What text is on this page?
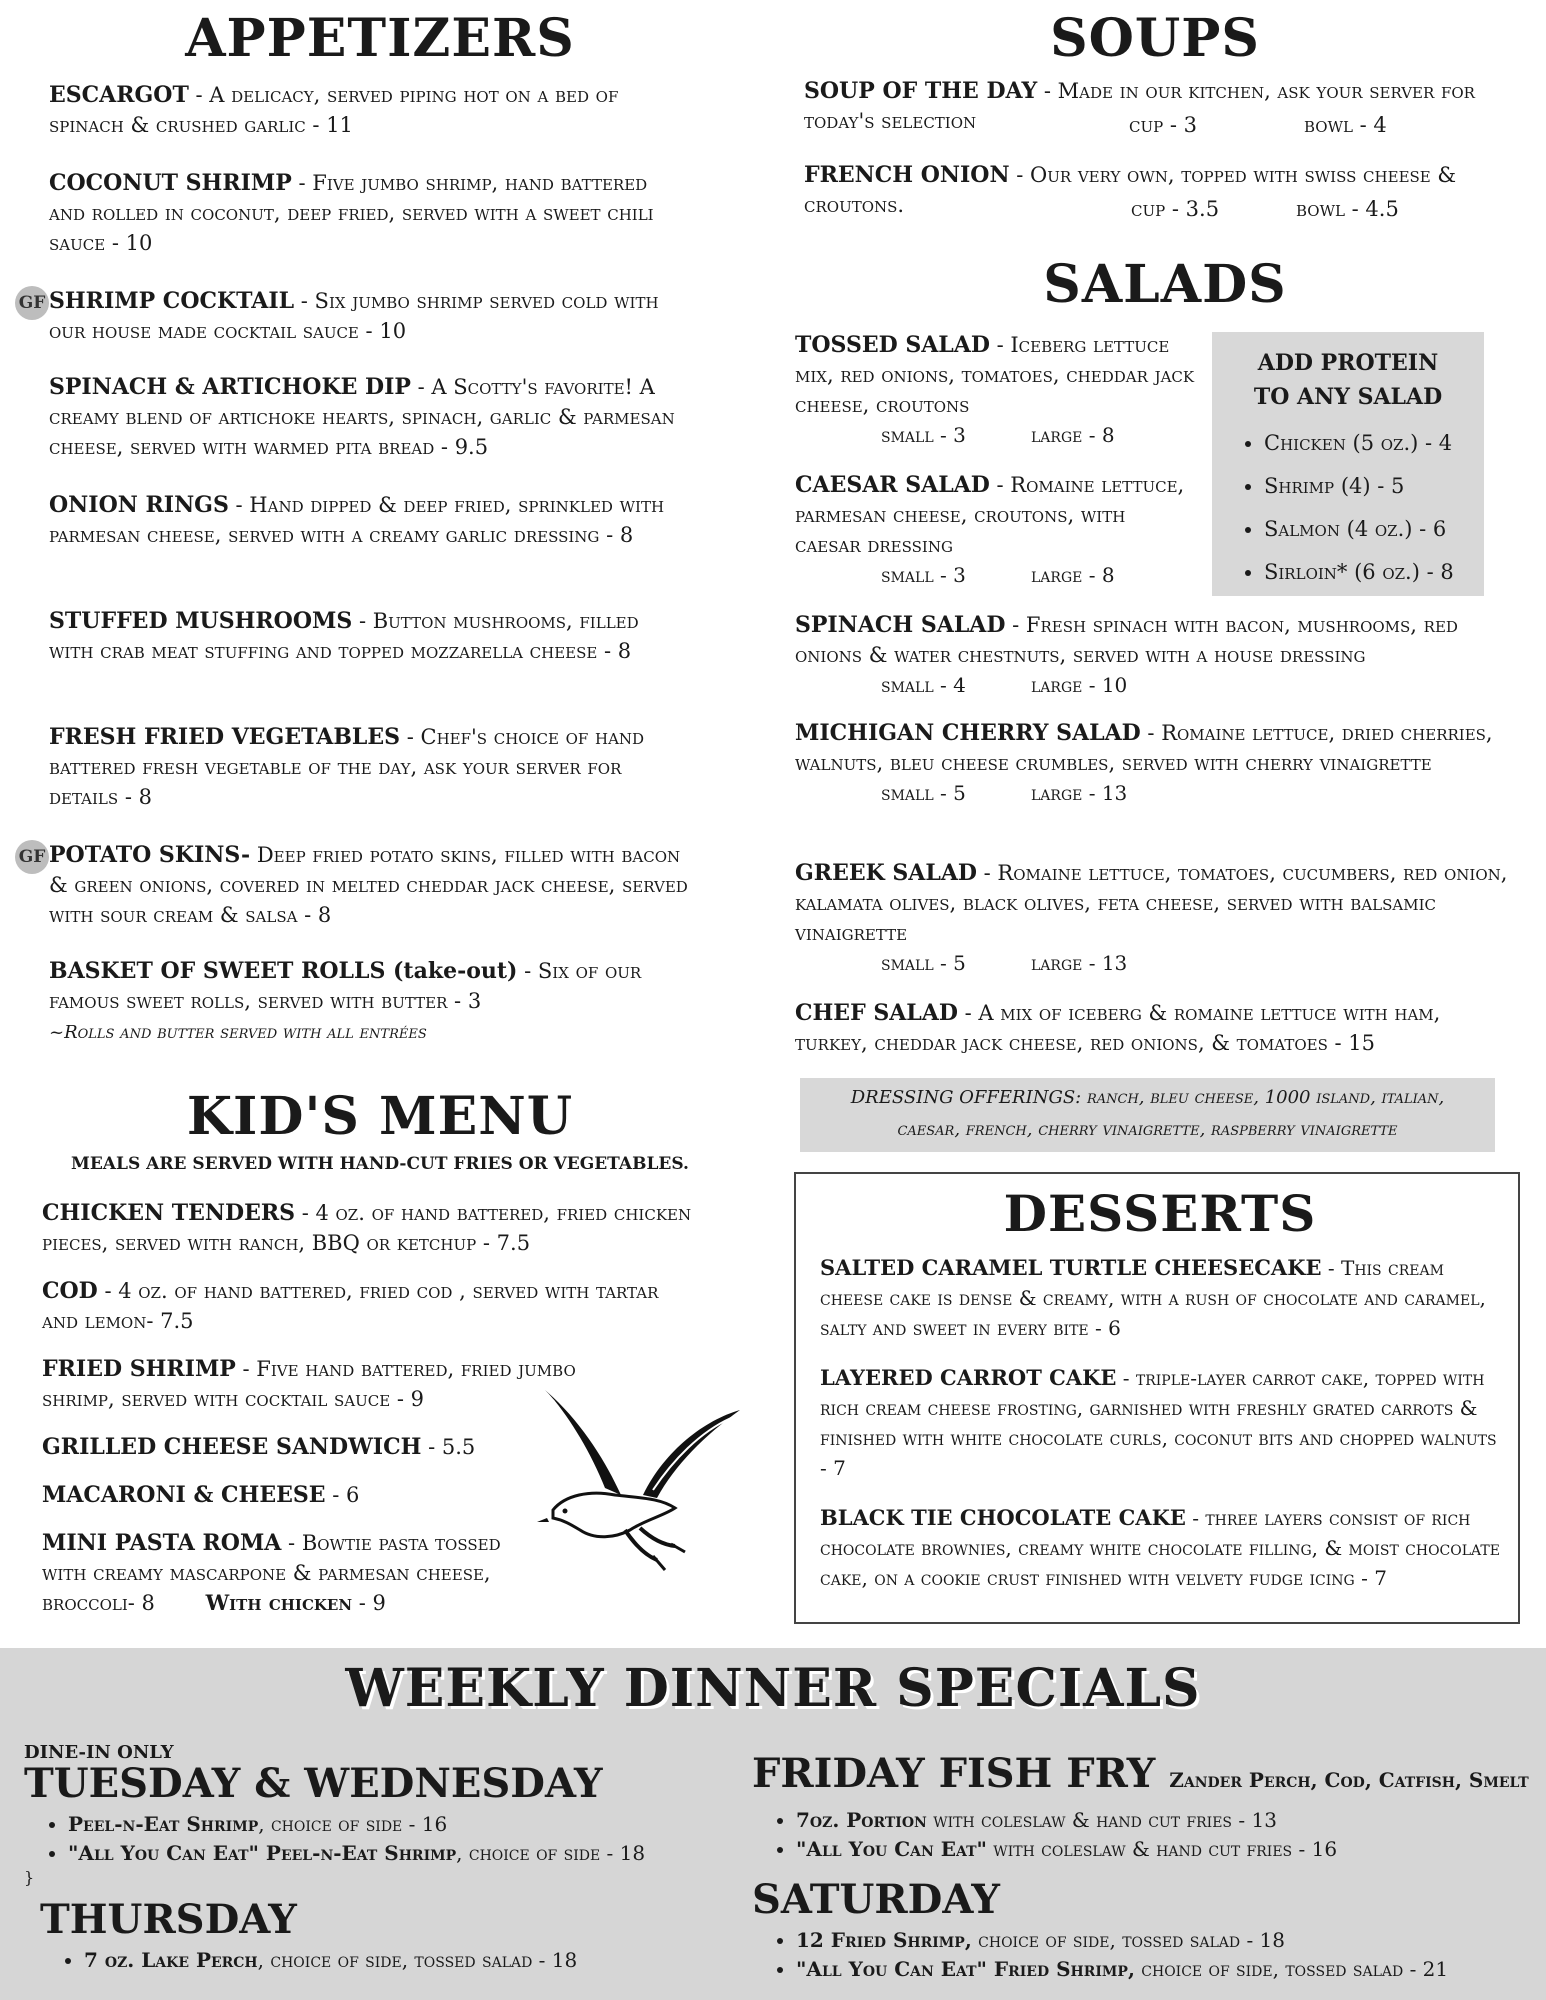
APPETIZERS
ESCARGOT - A delicacy, served piping hot on a bed of spinach & crushed garlic - 11
COCONUT SHRIMP - Five jumbo shrimp, hand battered and rolled in coconut, deep fried, served with a sweet chili sauce - 10
GF SHRIMP COCKTAIL - Six jumbo shrimp served cold with our house made cocktail sauce - 10
SPINACH & ARTICHOKE DIP - A Scotty's favorite! A creamy blend of artichoke hearts, spinach, garlic & parmesan cheese, served with warmed pita bread - 9.5
ONION RINGS - Hand dipped & deep fried, sprinkled with parmesan cheese, served with a creamy garlic dressing - 8
STUFFED MUSHROOMS - Button mushrooms, filled with crab meat stuffing and topped mozzarella cheese - 8
FRESH FRIED VEGETABLES - Chef's choice of hand battered fresh vegetable of the day, ask your server for details - 8
GF POTATO SKINS- Deep fried potato skins, filled with bacon & green onions, covered in melted cheddar jack cheese, served with sour cream & salsa - 8
BASKET OF SWEET ROLLS (take-out) - Six of our famous sweet rolls, served with butter - 3
~Rolls and butter served with all entrées
KID'S MENU
MEALS ARE SERVED WITH HAND-CUT FRIES OR VEGETABLES.
CHICKEN TENDERS - 4 oz. of hand battered, fried chicken pieces, served with ranch, BBQ or ketchup - 7.5
COD - 4 oz. of hand battered, fried cod , served with tartar and lemon- 7.5
FRIED SHRIMP - Five hand battered, fried jumbo shrimp, served with cocktail sauce - 9
GRILLED CHEESE SANDWICH - 5.5
MACARONI & CHEESE - 6
MINI PASTA ROMA - Bowtie pasta tossed with creamy mascarpone & parmesan cheese, broccoli- 8 With chicken - 9
SOUPS
SOUP OF THE DAY - Made in our kitchen, ask your server for today's selection	cup - 3	bowl - 4
FRENCH ONION - Our very own, topped with swiss cheese & croutons.	cup - 3.5	bowl - 4.5
SALADS
TOSSED SALAD - Iceberg lettuce mix, red onions, tomatoes, cheddar jack cheese, croutons
small - 3	large - 8
CAESAR SALAD - Romaine lettuce, parmesan cheese, croutons, with caesar dressing
small - 3	large - 8
ADD PROTEIN
TO ANY SALAD
• Chicken (5 oz.) - 4
• Shrimp (4) - 5
• Salmon (4 oz.) - 6
• Sirloin* (6 oz.) - 8
SPINACH SALAD - Fresh spinach with bacon, mushrooms, red onions & water chestnuts, served with a house dressing
small - 4	large - 10
MICHIGAN CHERRY SALAD - Romaine lettuce, dried cherries, walnuts, bleu cheese crumbles, served with cherry vinaigrette
small - 5	large - 13
GREEK SALAD - Romaine lettuce, tomatoes, cucumbers, red onion, kalamata olives, black olives, feta cheese, served with balsamic vinaigrette
small - 5	large - 13
CHEF SALAD - A mix of iceberg & romaine lettuce with ham, turkey, cheddar jack cheese, red onions, & tomatoes - 15
DRESSING OFFERINGS: ranch, bleu cheese, 1000 island, italian,
caesar, french, cherry vinaigrette, raspberry vinaigrette
DESSERTS
SALTED CARAMEL TURTLE CHEESECAKE - This cream cheese cake is dense & creamy, with a rush of chocolate and caramel, salty and sweet in every bite - 6
LAYERED CARROT CAKE - triple-layer carrot cake, topped with rich cream cheese frosting, garnished with freshly grated carrots & finished with white chocolate curls, coconut bits and chopped walnuts - 7
BLACK TIE CHOCOLATE CAKE - three layers consist of rich chocolate brownies, creamy white chocolate filling, & moist chocolate cake, on a cookie crust finished with velvety fudge icing - 7
WEEKLY DINNER SPECIALS
DINE-IN ONLY
TUESDAY & WEDNESDAY
• Peel-n-Eat Shrimp, choice of side - 16
• "All You Can Eat" Peel-n-Eat Shrimp, choice of side - 18
}
THURSDAY
• 7 oz. Lake Perch, choice of side, tossed salad - 18
FRIDAY FISH FRY Zander Perch, Cod, Catfish, Smelt
• 7oz. Portion with coleslaw & hand cut fries - 13
• "All You Can Eat" with coleslaw & hand cut fries - 16
SATURDAY
• 12 Fried Shrimp, choice of side, tossed salad - 18
• "All You Can Eat" Fried Shrimp, choice of side, tossed salad - 21
